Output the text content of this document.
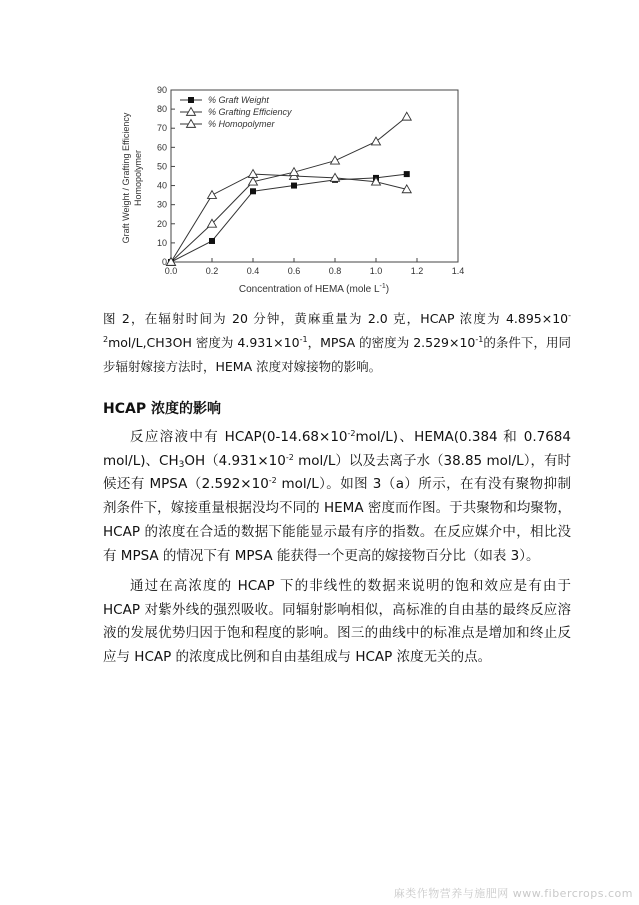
0
10
20
30
40
50
60
70
80
90
0.0	0.2	0.4	0.6	0.8	1.0	1.2	1.4
% Graft Weight
% Grafting Efficiency
% Homopolymer
Graft Weight / Grafting Efficiency Homopolymer
Concentration of HEMA (mole $L^{-1}$)
图 2，在辐射时间为 20 分钟，黄麻重量为 2.0 克，HCAP 浓度为 $4.895\times 10^{-2}mol/L,CH3OH$ 密度为 $4.931\times 10^{-1}$，MPSA 的密度为 $2.529\times 10^{-1}$的条件下，用同步辐射嫁接方法时，HEMA 浓度对嫁接物的影响。
HCAP 浓度的影响
反应溶液中有 $HCAP(0-14.68\times 10^{-2}mol/L)$、HEMA(0.384 和 0.7684 mol/L)、$CH_3OH(4.931\times 10^{-2}$ mol/L）以及去离子水（38.85 mol/L），有时候还有 $MPSA(2.592\times 10^{-2}$ mol/L）。如图 3（a）所示，在有没有聚物抑制剂条件下，嫁接重量根据没均不同的 HEMA 密度而作图。于共聚物和均聚物，HCAP 的浓度在合适的数据下能能显示最有序的指数。在反应媒介中，相比没有 MPSA 的情况下有 MPSA 能获得一个更高的嫁接物百分比（如表 3）。
通过在高浓度的 HCAP 下的非线性的数据来说明的饱和效应是有由于 HCAP 对紫外线的强烈吸收。同辐射影响相似，高标准的自由基的最终反应溶液的发展优势归因于饱和程度的影响。图三的曲线中的标准点是增加和终止反应与 HCAP 的浓度成比例和自由基组成与 HCAP 浓度无关的点。
麻类作物营养与施肥网 www.fibercrops.com
